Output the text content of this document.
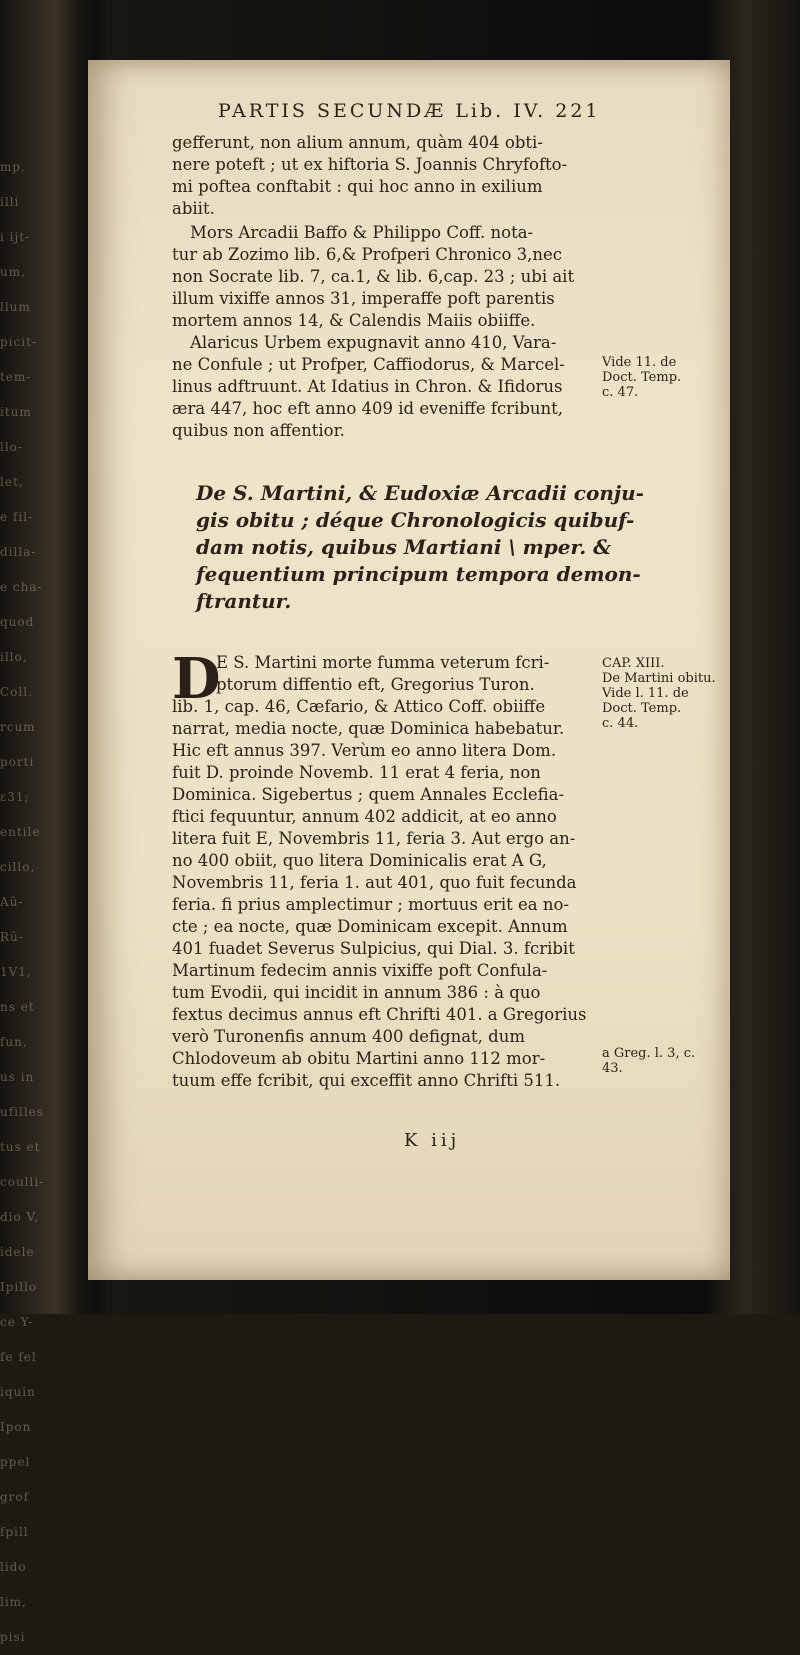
mp.
illi
i ijt-
um,
llum
picit-
tem-
itum
llo-
let,
e fil-
dilla-
e cha-
quod
illo,
Coll.
rcum
porti
ε31;
entile
cillo,
Aũ-
Rũ-
1V1,
ns et
fun,
us in
ufilles
tus et
coulli-
dio V,
idele
Ipillo
ce Y-
fe fel
iquin
Ipon
ppel
grof
fpill
lido
lim,
pisi
PARTIS SECUNDÆ Lib. IV. 221
gefferunt, non alium annum, quàm 404 obti-
nere poteft ; ut ex hiftoria S. Joannis Chryfofto-
mi poftea conftabit : qui hoc anno in exilium
abiit.
Mors Arcadii Baffo & Philippo Coff. nota-
tur ab Zozimo lib. 6,& Profperi Chronico 3,nec
non Socrate lib. 7, ca.1, & lib. 6,cap. 23 ; ubi ait
illum vixiffe annos 31, imperaffe poft parentis
mortem annos 14, & Calendis Maiis obiiffe.
Alaricus Urbem expugnavit anno 410, Vara-
ne Confule ; ut Profper, Caffiodorus, & Marcel-
linus adftruunt. At Idatius in Chron. & Ifidorus
æra 447, hoc eft anno 409 id eveniffe fcribunt,
quibus non affentior.
De S. Martini, & Eudoxiæ Arcadii conju-
gis obitu ; déque Chronologicis quibuf-
dam notis, quibus Martiani \ mper. &
fequentium principum tempora demon-
ftrantur.
D
E S. Martini morte fumma veterum fcri-
ptorum diffentio eft, Gregorius Turon.
lib. 1, cap. 46, Cæfario, & Attico Coff. obiiffe
narrat, media nocte, quæ Dominica habebatur.
Hic eft annus 397. Verùm eo anno litera Dom.
fuit D. proinde Novemb. 11 erat 4 feria, non
Dominica. Sigebertus ; quem Annales Ecclefia-
ftici fequuntur, annum 402 addicit, at eo anno
litera fuit E, Novembris 11, feria 3. Aut ergo an-
no 400 obiit, quo litera Dominicalis erat A G,
Novembris 11, feria 1. aut 401, quo fuit fecunda
feria. fi prius amplectimur ; mortuus erit ea no-
cte ; ea nocte, quæ Dominicam excepit. Annum
401 fuadet Severus Sulpicius, qui Dial. 3. fcribit
Martinum fedecim annis vixiffe poft Confula-
tum Evodii, qui incidit in annum 386 : à quo
fextus decimus annus eft Chrifti 401. a Gregorius
verò Turonenfis annum 400 defignat, dum
Chlodoveum ab obitu Martini anno 112 mor-
tuum effe fcribit, qui exceffit anno Chrifti 511.
Vide 11. de
Doct. Temp.
c. 47.
CAP. XIII.
De Martini obitu.
Vide l. 11. de
Doct. Temp.
c. 44.
a Greg. l. 3, c.
43.
K iij
